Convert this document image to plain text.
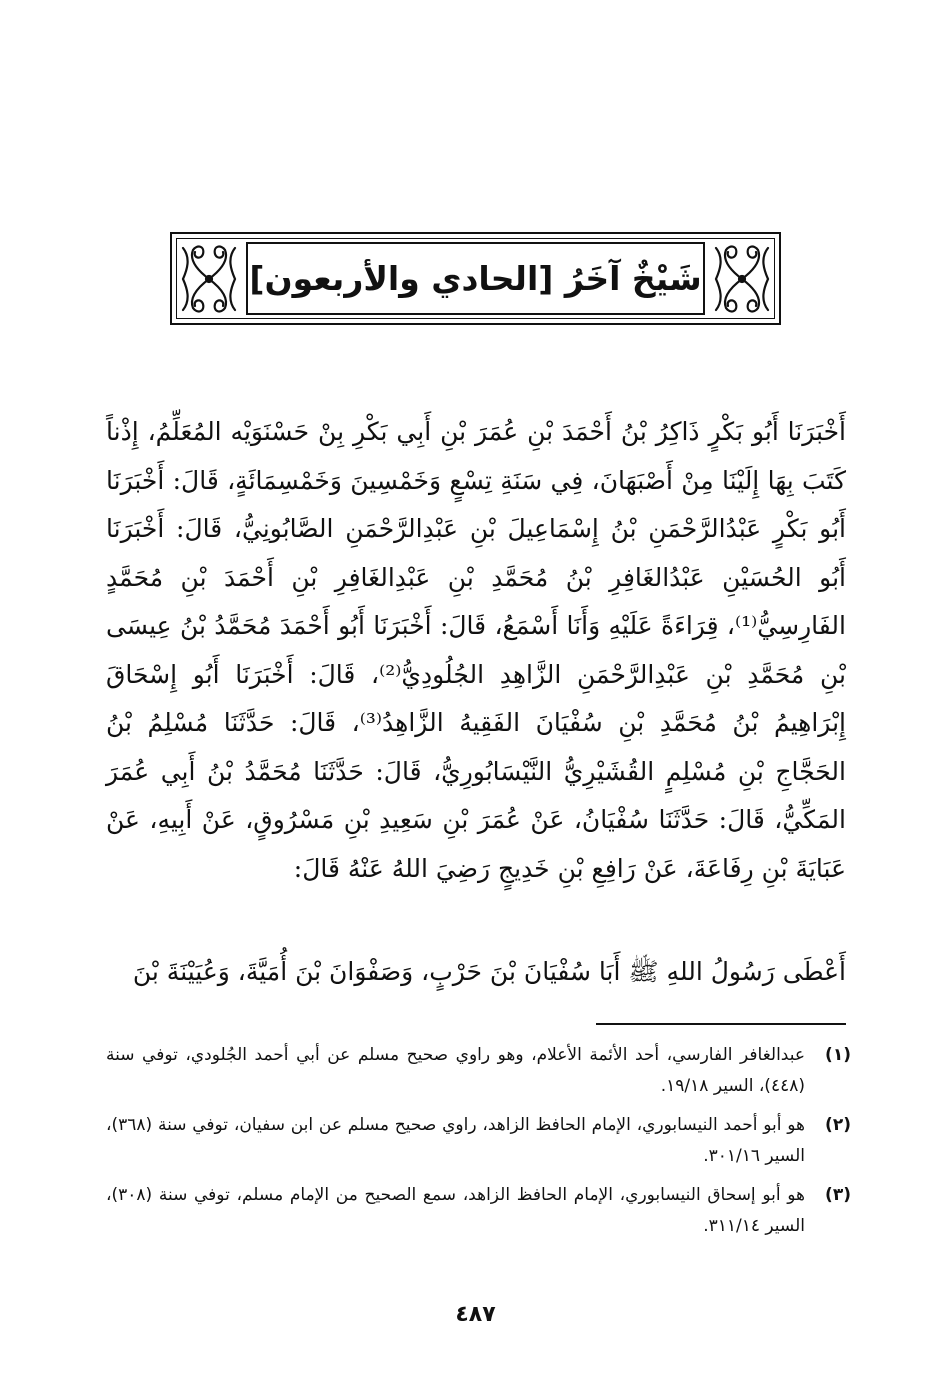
شَيْخٌ آخَرُ [الحادي والأربعون]

أَخْبَرَنَا أَبُو بَكْرٍ ذَاكِرُ بْنُ أَحْمَدَ بْنِ عُمَرَ بْنِ أَبِي بَكْرِ بِنْ حَسْنَوَيْه المُعَلِّمُ، إِذْناً كَتَبَ بِهَا إِلَيْنَا مِنْ أَصْبَهَانَ، فِي سَنَةِ تِسْعٍ وَخَمْسِينَ وَخَمْسِمَائَةٍ، قَالَ: أَخْبَرَنَا أَبُو بَكْرٍ عَبْدُالرَّحْمَنِ بْنُ إِسْمَاعِيلَ بْنِ عَبْدِالرَّحْمَنِ الصَّابُونِيُّ، قَالَ: أَخْبَرَنَا أَبُو الحُسَيْنِ عَبْدُالغَافِرِ بْنُ مُحَمَّدِ بْنِ عَبْدِالغَافِرِ بْنِ أَحْمَدَ بْنِ مُحَمَّدٍ الفَارِسِيُّ⁽¹⁾، قِرَاءَةً عَلَيْهِ وَأَنَا أَسْمَعُ، قَالَ: أَخْبَرَنَا أَبُو أَحْمَدَ مُحَمَّدُ بْنُ عِيسَى بْنِ مُحَمَّدِ بْنِ عَبْدِالرَّحْمَنِ الزَّاهِدِ الجُلُودِيُّ⁽²⁾، قَالَ: أَخْبَرَنَا أَبُو إِسْحَاقَ إِبْرَاهِيمُ بْنُ مُحَمَّدِ بْنِ سُفْيَانَ الفَقِيهُ الزَّاهِدُ⁽³⁾، قَالَ: حَدَّثَنَا مُسْلِمُ بْنُ الحَجَّاجِ بْنِ مُسْلِمٍ القُشَيْرِيُّ النَّيْسَابُورِيُّ، قَالَ: حَدَّثَنَا مُحَمَّدُ بْنُ أَبِي عُمَرَ المَكِّيُّ، قَالَ: حَدَّثَنَا سُفْيَانُ، عَنْ عُمَرَ بْنِ سَعِيدِ بْنِ مَسْرُوقٍ، عَنْ أَبِيهِ، عَنْ عَبَايَةَ بْنِ رِفَاعَةَ، عَنْ رَافِعِ بْنِ خَدِيجٍ رَضِيَ اللهُ عَنْهُ قَالَ:

أَعْطَى رَسُولُ اللهِ ﷺ أَبَا سُفْيَانَ بْنَ حَرْبٍ، وَصَفْوَانَ بْنَ أُمَيَّةَ، وَعُيَيْنَةَ بْنَ

(١)
عبدالغافر الفارسي، أحد الأئمة الأعلام، وهو راوي صحيح مسلم عن أبي أحمد الجُلودي، توفي سنة (٤٤٨)، السير ١٩/١٨.
(٢)
هو أبو أحمد النيسابوري، الإمام الحافظ الزاهد، راوي صحيح مسلم عن ابن سفيان، توفي سنة (٣٦٨)، السير ٣٠١/١٦.
(٣)
هو أبو إسحاق النيسابوري، الإمام الحافظ الزاهد، سمع الصحيح من الإمام مسلم، توفي سنة (٣٠٨)، السير ٣١١/١٤.
٤٨٧
